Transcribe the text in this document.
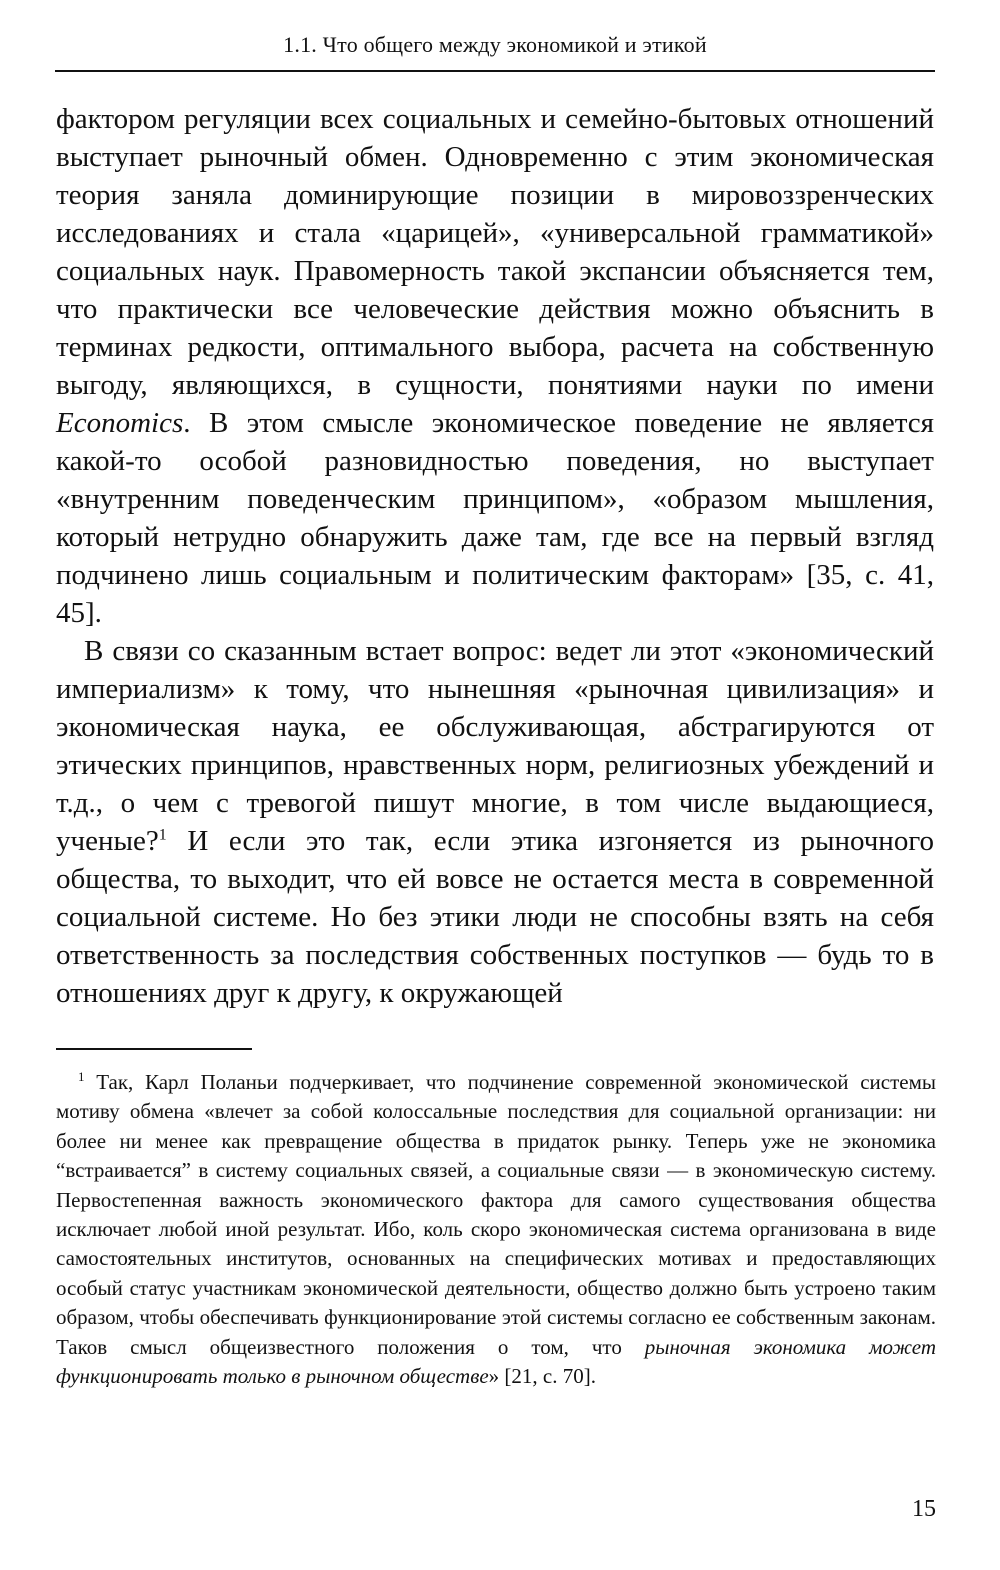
1.1. Что общего между экономикой и этикой

фактором регуляции всех социальных и семейно-бытовых отношений выступает рыночный обмен. Одновременно с этим экономическая теория заняла доминирующие позиции в мировоззренческих исследованиях и стала «царицей», «универсальной грамматикой» социальных наук. Правомерность такой экспансии объясняется тем, что практически все человеческие действия можно объяснить в терминах редкости, оптимального выбора, расчета на собственную выгоду, являющихся, в сущности, понятиями науки по имени Economics. В этом смысле экономическое поведение не является какой-то особой разновидностью поведения, но выступает «внутренним поведенческим принципом», «образом мышления, который нетрудно обнаружить даже там, где все на первый взгляд подчинено лишь социальным и политическим факторам» [35, с. 41, 45].

В связи со сказанным встает вопрос: ведет ли этот «экономический империализм» к тому, что нынешняя «рыночная цивилизация» и экономическая наука, ее обслуживающая, абстрагируются от этических принципов, нравственных норм, религиозных убеждений и т.д., о чем с тревогой пишут многие, в том числе выдающиеся, ученые?$^1$ И если это так, если этика изгоняется из рыночного общества, то выходит, что ей вовсе не остается места в современной социальной системе. Но без этики люди не способны взять на себя ответственность за последствия собственных поступков — будь то в отношениях друг к другу, к окружающей

$^1$ Так, Карл Поланьи подчеркивает, что подчинение современной экономической системы мотиву обмена «влечет за собой колоссальные последствия для социальной организации: ни более ни менее как превращение общества в придаток рынку. Теперь уже не экономика “встраивается” в систему социальных связей, а социальные связи — в экономическую систему. Первостепенная важность экономического фактора для самого существования общества исключает любой иной результат. Ибо, коль скоро экономическая система организована в виде самостоятельных институтов, основанных на специфических мотивах и предоставляющих особый статус участникам экономической деятельности, общество должно быть устроено таким образом, чтобы обеспечивать функционирование этой системы согласно ее собственным законам. Таков смысл общеизвестного положения о том, что рыночная экономика может функционировать только в рыночном обществе» [21, с. 70].
15
